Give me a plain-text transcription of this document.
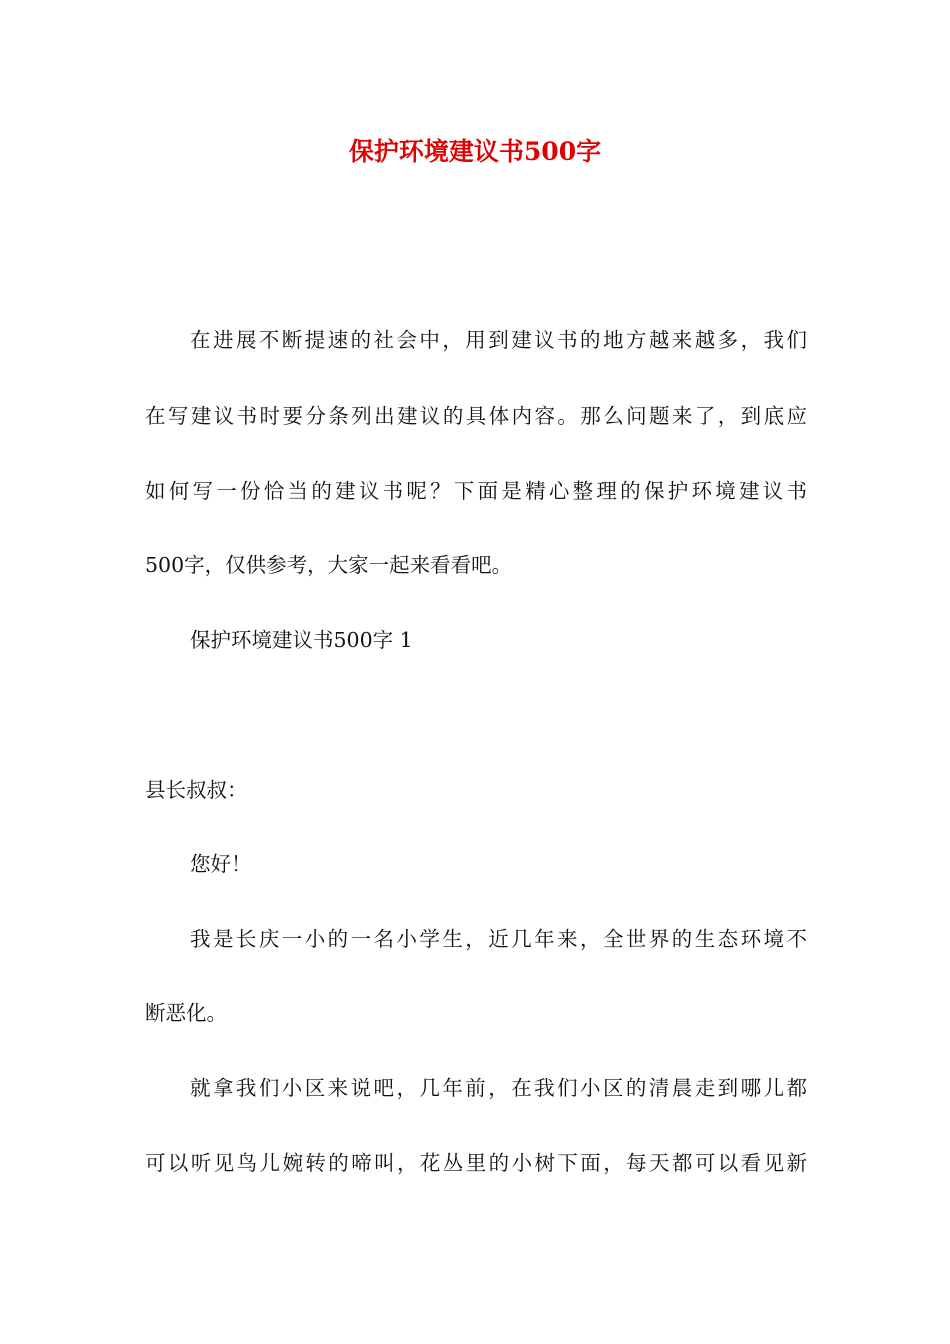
保护环境建议书500字

在进展不断提速的社会中，用到建议书的地方越来越多，我们

在写建议书时要分条列出建议的具体内容。那么问题来了，到底应

如何写一份恰当的建议书呢？下面是精心整理的保护环境建议书

500字，仅供参考，大家一起来看看吧。

保护环境建议书500字 1

县长叔叔：

您好！

我是长庆一小的一名小学生，近几年来，全世界的生态环境不

断恶化。

就拿我们小区来说吧，几年前，在我们小区的清晨走到哪儿都

可以听见鸟儿婉转的啼叫，花丛里的小树下面，每天都可以看见新
